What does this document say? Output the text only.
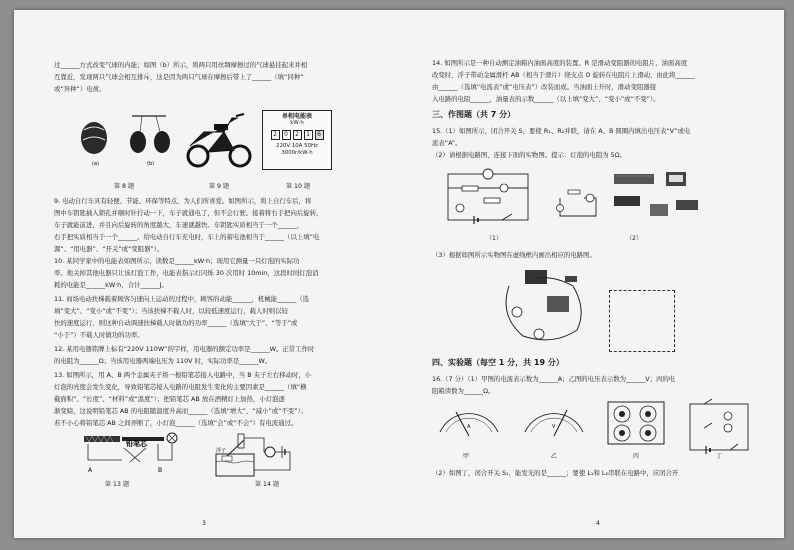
过______方式改变气球的内能；如图（b）所示，将两只用丝绸摩擦过的气球悬挂起来并相

互靠近，发现两只气球会相互排斥，这是因为两只气球在摩擦后带上了______（填“同种”

或“异种”）电荷。

(a)	(b)
单相电能表
kW·h
2	0	2	1	6
220V 10A 50Hz
3000r/kW·h
第 8 题	第 9 题	第 10 题

9. 电动自行车具有轻便、节能、环保等特点，为人们所喜爱。如图所示，将上自行车后，将

图中车钥匙插入锁孔并顺时针拧动一下，车子就通电了，但不会行驶。接着将右手把向后旋转，

车子就能前进，并且向后旋转的角度越大，车速就越快。车钥匙实质相当于一个______，

右手把实质相当于一个______。给电动自行车充电时，车上的蓄电池相当于______（以上填“电

源”、“用电器”、“开关”或“变阻器”）。

10. 某同学家中的电能表如图所示，读数是______kW·h；现用它测量一只灯泡的实际功

率。他关掉其他电器只让该灯泡工作，电能表指示灯闪烁 30 次用时 10min，这段时间灯泡消

耗的电能是______kW·h，合计______J。

11. 商场电动扶梯载着顾客匀速向上运动的过程中，顾客的动能______，机械能______（选

填“变大”、“变小”或“不变”）；当该扶梯不载人时，以较低速度运行，载人时则以较

快的速度运行，则这种自动调速扶梯载人时做功的功率______（选填“大于”、“等于”或

“小于”）不载人时做功的功率。

12. 某用电器铭牌上标有“220V 110W”的字样，用电器的额定功率是______W。正常工作时

的电阻为______Ω；当该用电器两端电压为 110V 时，实际功率是______W。

13. 如图所示，用 A、B 两个金属夹子将一根铅笔芯接入电路中，当 B 夹子左右移动时，小

灯泡的亮度会发生变化，导致铅笔芯接入电路的电阻发生变化的主要因素是______（填“横

截面积”、“长度”、“材料”或“温度”）；把铅笔芯 AB 放在酒精灯上加热，小灯泡逐

渐变暗，这说明铅笔芯 AB 的电阻随温度升高而______（选填“增大”、“减小”或“不变”）；

若不小心将铅笔芯 AB 之间弄断了，小灯泡______（选填“会”或“不会”）有电流通过。

铅笔芯
A	B
浮子
第 13 题	第 14 题
3

14. 如图所示是一种自动测定油箱内油面高度的装置。R 是滑动变阻器的电阻片，油面高度

改变时，浮子带动金属滑杆 AB（相当于滑片）绕支点 O 旋转在电阻片上滑动，由此将______

由______（选填“电流表”或“电压表”）改装而成。当油面上升时，滑动变阻器接

入电路的电阻______，油量表的示数______（以上填“变大”、“变小”或“不变”）。

三、作图题（共 7 分）

15.（1）如图所示，闭合开关 S，要使 R₁、R₂并联，请在 A、B 圆圈内填出电压表“V”或电

流表“A”。

（2）请根据电路图，连接下面的实物图。提示：灯泡的电阻为 5Ω。

（1）	（2）

（3）根据如图所示实物图在虚线框内画出相应的电路图。

四、实验题（每空 1 分，共 19 分）

16.（7 分）（1）甲图的电流表示数为______A；乙图的电压表示数为______V；丙的电

阻箱读数为______Ω。

A	V
甲	乙	丙	丁

（2）如图丁，闭合开关 S₁，能发光的是______；要使 L₁和 L₂串联在电路中，应闭合开

4
